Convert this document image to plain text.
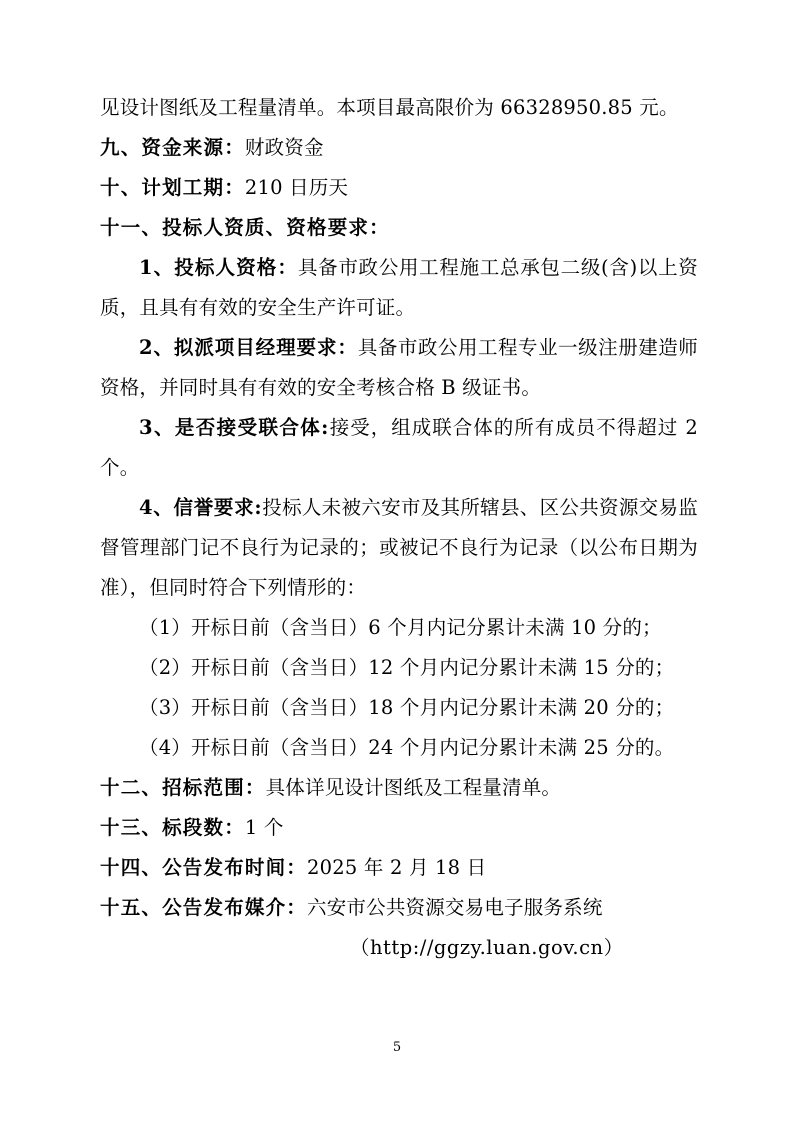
见设计图纸及工程量清单。本项目最高限价为 66328950.85 元。

九、资金来源：财政资金

十、计划工期：210 日历天

十一、投标人资质、资格要求：

1、投标人资格：具备市政公用工程施工总承包二级(含)以上资质，且具有有效的安全生产许可证。

2、拟派项目经理要求：具备市政公用工程专业一级注册建造师资格，并同时具有有效的安全考核合格 B 级证书。

3、是否接受联合体:接受，组成联合体的所有成员不得超过 2 个。

4、信誉要求:投标人未被六安市及其所辖县、区公共资源交易监督管理部门记不良行为记录的；或被记不良行为记录（以公布日期为准），但同时符合下列情形的：

（1）开标日前（含当日）6 个月内记分累计未满 10 分的；

（2）开标日前（含当日）12 个月内记分累计未满 15 分的；

（3）开标日前（含当日）18 个月内记分累计未满 20 分的；

（4）开标日前（含当日）24 个月内记分累计未满 25 分的。

十二、招标范围：具体详见设计图纸及工程量清单。

十三、标段数：1 个

十四、公告发布时间：2025 年 2 月 18 日

十五、公告发布媒介：六安市公共资源交易电子服务系统

（http://ggzy.luan.gov.cn）

5
